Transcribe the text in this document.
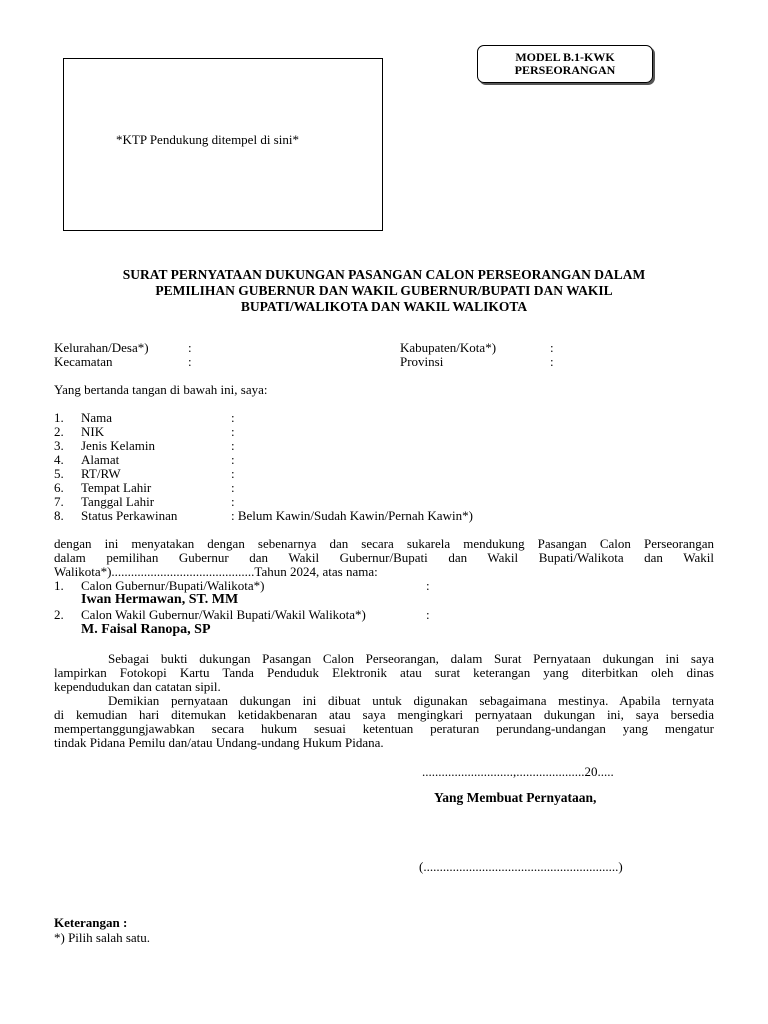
MODEL B.1-KWK
PERSEORANGAN
*KTP Pendukung ditempel di sini*
SURAT PERNYATAAN DUKUNGAN PASANGAN CALON PERSEORANGAN DALAM
PEMILIHAN GUBERNUR DAN WAKIL GUBERNUR/BUPATI DAN WAKIL
BUPATI/WALIKOTA DAN WAKIL WALIKOTA
Kelurahan/Desa*)	:	Kabupaten/Kota*)	:
Kecamatan	:	Provinsi	:
Yang bertanda tangan di bawah ini, saya:
1. Nama	:
2. NIK	:
3. Jenis Kelamin	:
4. Alamat	:
5. RT/RW	:
6. Tempat Lahir	:
7. Tanggal Lahir	:
8. Status Perkawinan	: Belum Kawin/Sudah Kawin/Pernah Kawin*)
dengan ini menyatakan dengan sebenarnya dan secara sukarela mendukung Pasangan Calon Perseorangan
dalam pemilihan Gubernur dan Wakil Gubernur/Bupati dan Wakil Bupati/Walikota dan Wakil
Walikota*)............................................Tahun 2024, atas nama:
1. Calon Gubernur/Bupati/Walikota*)	:
Iwan Hermawan, ST. MM
2. Calon Wakil Gubernur/Wakil Bupati/Wakil Walikota*)	:
M. Faisal Ranopa, SP
Sebagai bukti dukungan Pasangan Calon Perseorangan, dalam Surat Pernyataan dukungan ini saya
lampirkan Fotokopi Kartu Tanda Penduduk Elektronik atau surat keterangan yang diterbitkan oleh dinas
kependudukan dan catatan sipil.
Demikian pernyataan dukungan ini dibuat untuk digunakan sebagaimana mestinya. Apabila ternyata
di kemudian hari ditemukan ketidakbenaran atau saya mengingkari pernyataan dukungan ini, saya bersedia
mempertanggungjawabkan secara hukum sesuai ketentuan peraturan perundang-undangan yang mengatur
tindak Pidana Pemilu dan/atau Undang-undang Hukum Pidana.
............................,.....................20.....
Yang Membuat Pernyataan,
(............................................................)
Keterangan :
*) Pilih salah satu.
